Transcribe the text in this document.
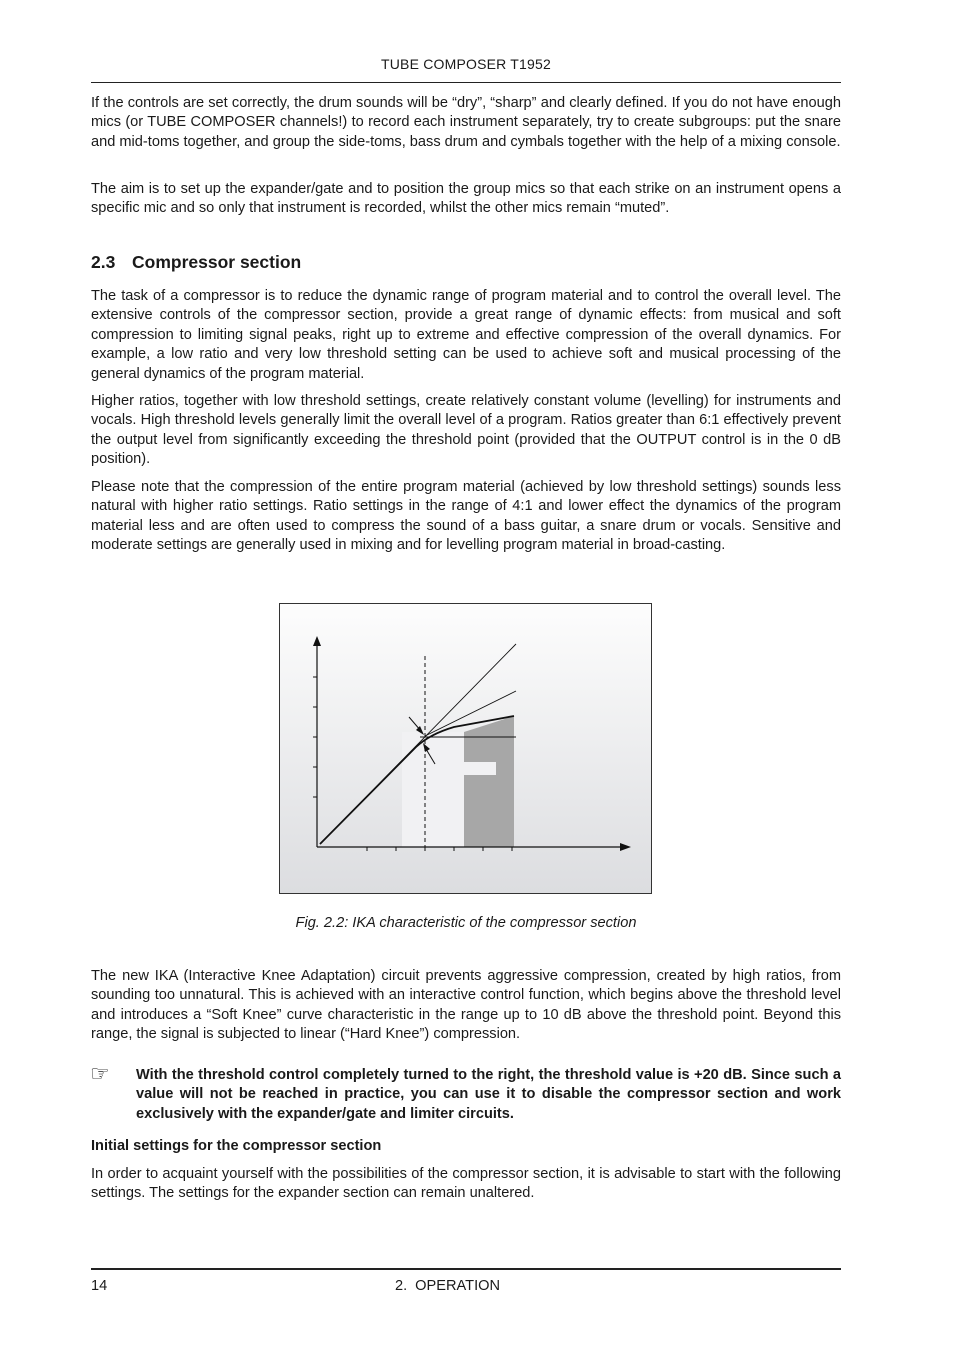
TUBE COMPOSER T1952

If the controls are set correctly, the drum sounds will be “dry”, “sharp” and clearly defined. If you do not have enough mics (or TUBE COMPOSER channels!) to record each instrument separately, try to create subgroups: put the snare and mid-toms together, and group the side-toms, bass drum and cymbals together with the help of a mixing console.

The aim is to set up the expander/gate and to position the group mics so that each strike on an instrument opens a specific mic and so only that instrument is recorded, whilst the other mics remain “muted”.

2.3 Compressor section

The task of a compressor is to reduce the dynamic range of program material and to control the overall level. The extensive controls of the compressor section, provide a great range of dynamic effects: from musical and soft compression to limiting signal peaks, right up to extreme and effective compression of the overall dynamics. For example, a low ratio and very low threshold setting can be used to achieve soft and musical processing of the general dynamics of the program material.

Higher ratios, together with low threshold settings, create relatively constant volume (levelling) for instruments and vocals. High threshold levels generally limit the overall level of a program. Ratios greater than 6:1 effectively prevent the output level from significantly exceeding the threshold point (provided that the OUTPUT control is in the 0 dB position).

Please note that the compression of the entire program material (achieved by low threshold settings) sounds less natural with higher ratio settings. Ratio settings in the range of 4:1 and lower effect the dynamics of the program material less and are often used to compress the sound of a bass guitar, a snare drum or vocals. Sensitive and moderate settings are generally used in mixing and for levelling program material in broad-casting.

Fig. 2.2: IKA characteristic of the compressor section

The new IKA (Interactive Knee Adaptation) circuit prevents aggressive compression, created by high ratios, from sounding too unnatural. This is achieved with an interactive control function, which begins above the threshold level and introduces a “Soft Knee” curve characteristic in the range up to 10 dB above the threshold point. Beyond this range, the signal is subjected to linear (“Hard Knee”) compression.

☞ With the threshold control completely turned to the right, the threshold value is +20 dB. Since such a value will not be reached in practice, you can use it to disable the compressor section and work exclusively with the expander/gate and limiter circuits.

Initial settings for the compressor section

In order to acquaint yourself with the possibilities of the compressor section, it is advisable to start with the following settings. The settings for the expander section can remain unaltered.

14	2. OPERATION
